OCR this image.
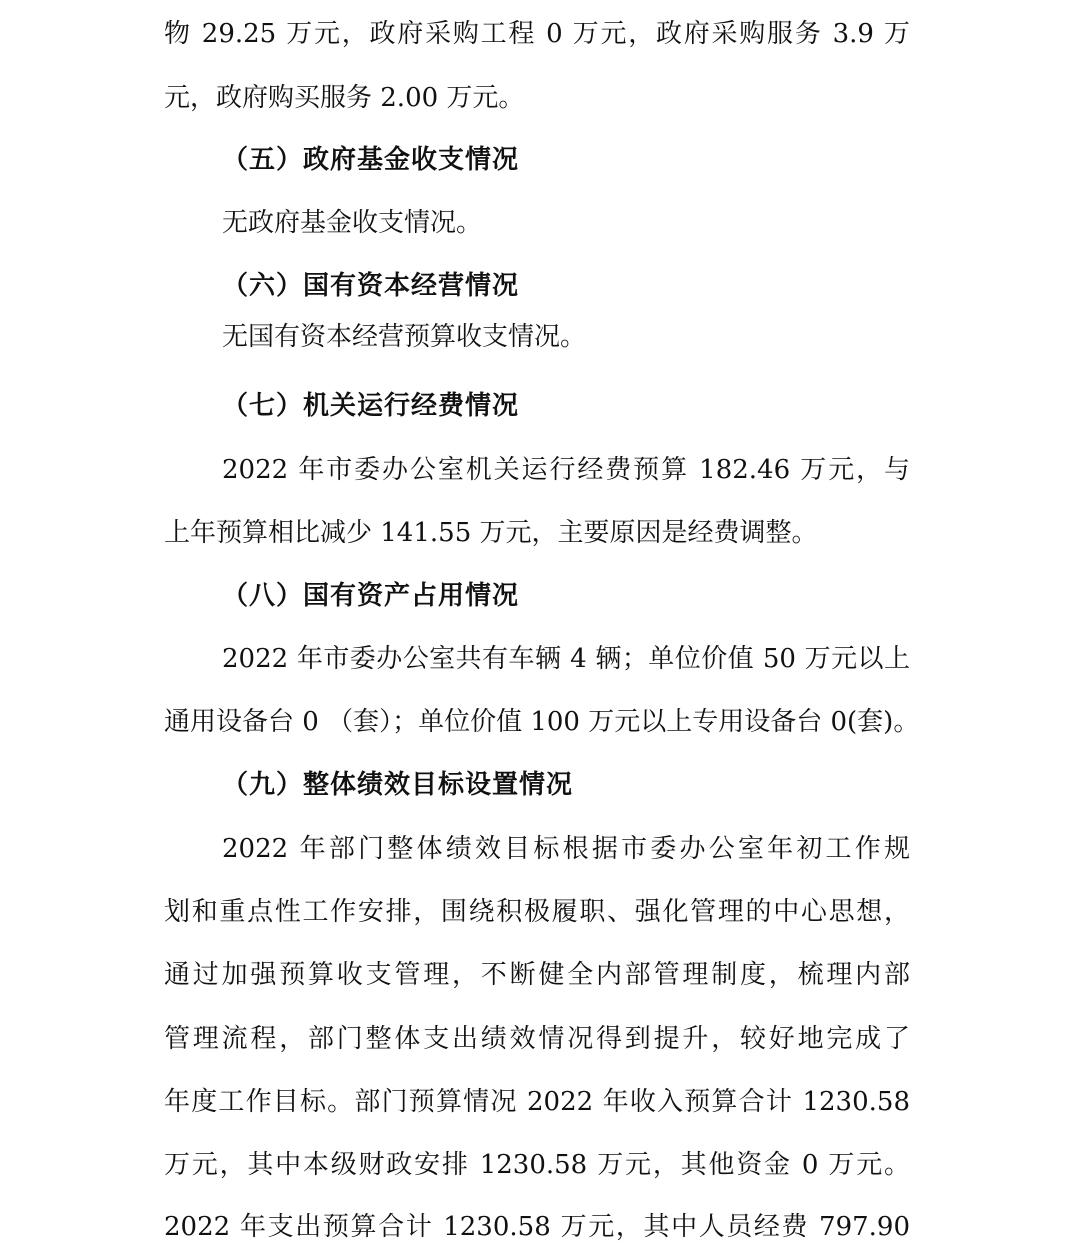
物 29.25 万元，政府采购工程 0 万元，政府采购服务 3.9 万
元，政府购买服务 2.00 万元。
（五）政府基金收支情况
无政府基金收支情况。
（六）国有资本经营情况
无国有资本经营预算收支情况。
（七）机关运行经费情况
2022 年市委办公室机关运行经费预算 182.46 万元，与
上年预算相比减少 141.55 万元，主要原因是经费调整。
（八）国有资产占用情况
2022 年市委办公室共有车辆 4 辆；单位价值 50 万元以上
通用设备台 0 （套）；单位价值 100 万元以上专用设备台 0(套)。
（九）整体绩效目标设置情况
2022 年部门整体绩效目标根据市委办公室年初工作规
划和重点性工作安排，围绕积极履职、强化管理的中心思想，
通过加强预算收支管理，不断健全内部管理制度，梳理内部
管理流程，部门整体支出绩效情况得到提升，较好地完成了
年度工作目标。部门预算情况 2022 年收入预算合计 1230.58
万元，其中本级财政安排 1230.58 万元，其他资金 0 万元。
2022 年支出预算合计 1230.58 万元，其中人员经费 797.90
